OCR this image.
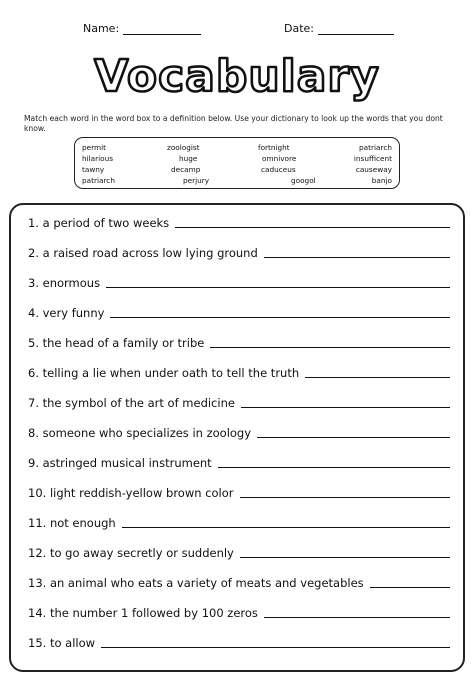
Name:	Date:
Vocabulary
Match each word in the word box to a definition below. Use your dictionary to look up the words that you dont know.
permit	zoologist	fortnight	patriarch
hilarious	huge	omnivore	insufficent
tawny	decamp	caduceus	causeway
patriarch	perjury	googol	banjo
1. a period of two weeks
2. a raised road across low lying ground
3. enormous
4. very funny
5. the head of a family or tribe
6. telling a lie when under oath to tell the truth
7. the symbol of the art of medicine
8. someone who specializes in zoology
9. astringed musical instrument
10. light reddish-yellow brown color
11. not enough
12. to go away secretly or suddenly
13. an animal who eats a variety of meats and vegetables
14. the number 1 followed by 100 zeros
15. to allow
